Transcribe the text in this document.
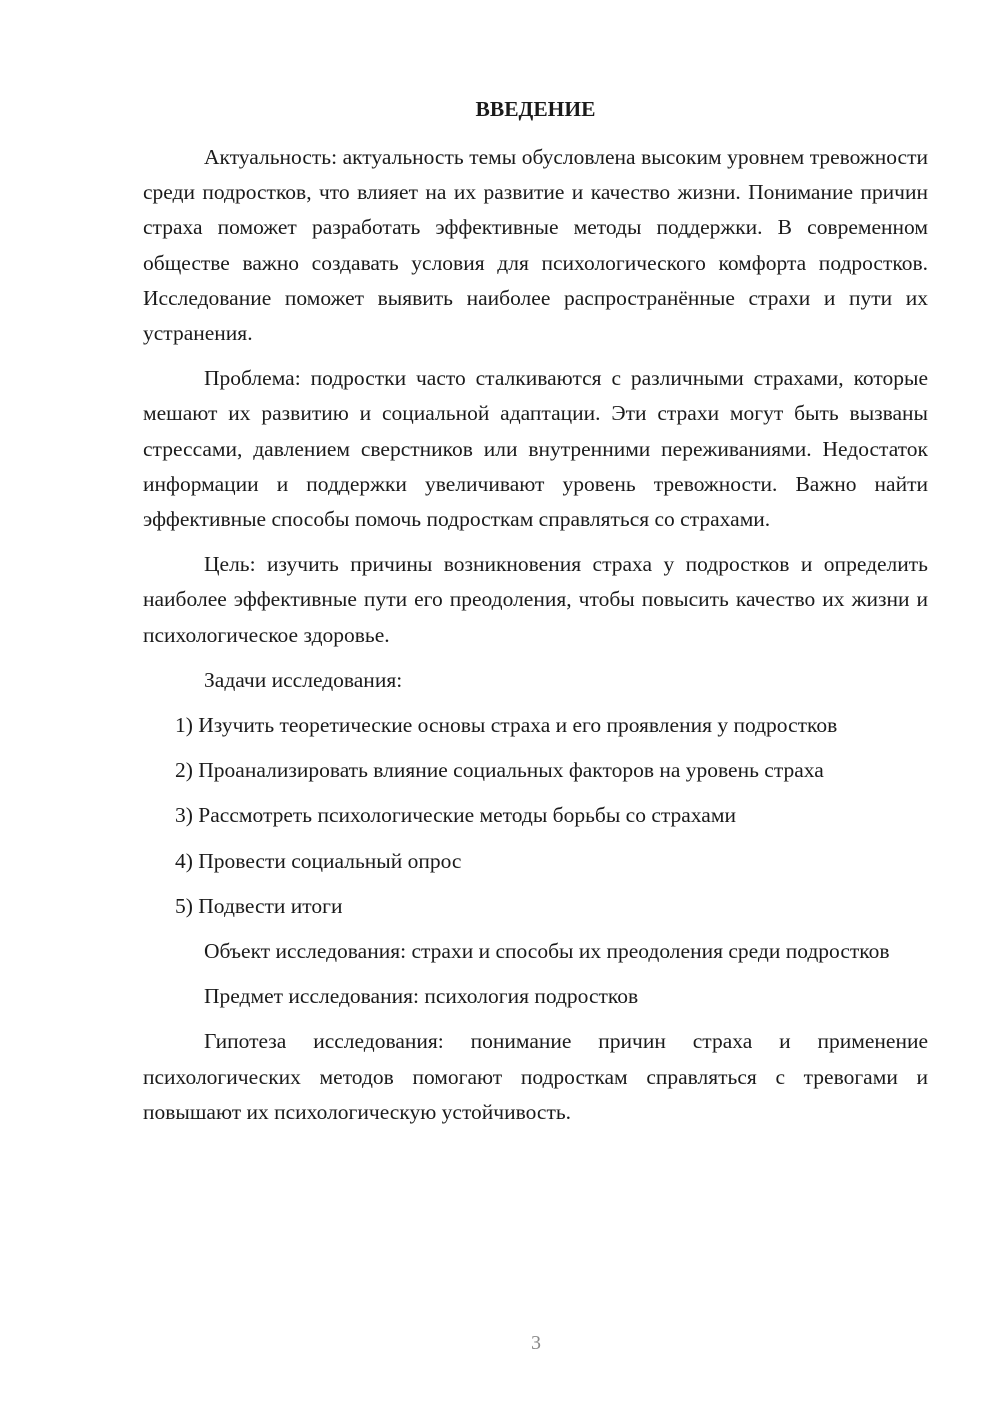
ВВЕДЕНИЕ

Актуальность: актуальность темы обусловлена высоким уровнем тревожности среди подростков, что влияет на их развитие и качество жизни. Понимание причин страха поможет разработать эффективные методы поддержки. В современном обществе важно создавать условия для психологического комфорта подростков. Исследование поможет выявить наиболее распространённые страхи и пути их устранения.

Проблема: подростки часто сталкиваются с различными страхами, которые мешают их развитию и социальной адаптации. Эти страхи могут быть вызваны стрессами, давлением сверстников или внутренними переживаниями. Недостаток информации и поддержки увеличивают уровень тревожности. Важно найти эффективные способы помочь подросткам справляться со страхами.

Цель: изучить причины возникновения страха у подростков и определить наиболее эффективные пути его преодоления, чтобы повысить качество их жизни и психологическое здоровье.

Задачи исследования:

1) Изучить теоретические основы страха и его проявления у подростков

2) Проанализировать влияние социальных факторов на уровень страха

3) Рассмотреть психологические методы борьбы со страхами

4) Провести социальный опрос

5) Подвести итоги

Объект исследования: страхи и способы их преодоления среди подростков

Предмет исследования: психология подростков

Гипотеза исследования: понимание причин страха и применение психологических методов помогают подросткам справляться с тревогами и повышают их психологическую устойчивость.

3
